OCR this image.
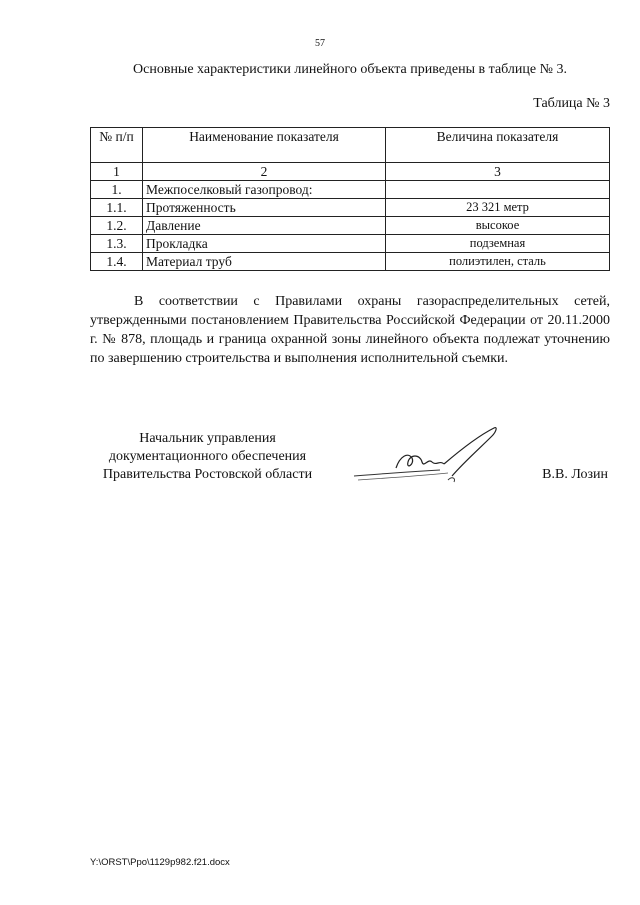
57
Основные характеристики линейного объекта приведены в таблице № 3.
Таблица № 3
№ п/п	Наименование показателя	Величина показателя
1	2	3
1.	Межпоселковый газопровод:	
1.1.	Протяженность	23 321 метр
1.2.	Давление	высокое
1.3.	Прокладка	подземная
1.4.	Материал труб	полиэтилен, сталь
В соответствии с Правилами охраны газораспределительных сетей, утвержденными постановлением Правительства Российской Федерации от 20.11.2000 г. № 878, площадь и граница охранной зоны линейного объекта подлежат уточнению по завершению строительства и выполнения исполнительной съемки.
Начальник управления
документационного обеспечения
Правительства Ростовской области	В.В. Лозин
Y:\ORST\Ppo\1129p982.f21.docx
